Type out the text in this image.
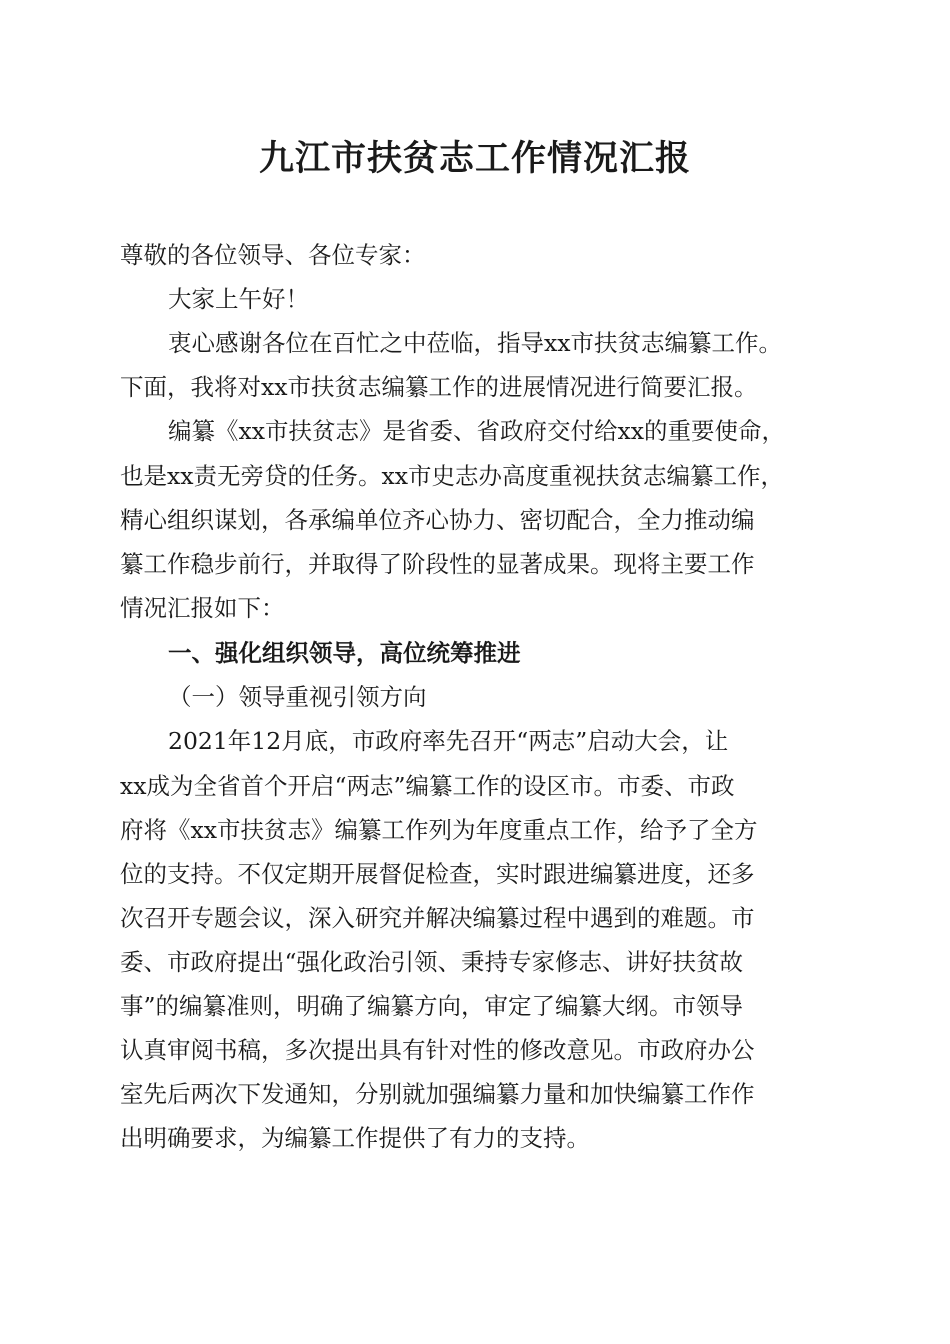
九江市扶贫志工作情况汇报

尊敬的各位领导、各位专家：

大家上午好！

衷心感谢各位在百忙之中莅临，指导xx市扶贫志编纂工作。

下面，我将对xx市扶贫志编纂工作的进展情况进行简要汇报。

编纂《xx市扶贫志》是省委、省政府交付给xx的重要使命，

也是xx责无旁贷的任务。xx市史志办高度重视扶贫志编纂工作，

精心组织谋划，各承编单位齐心协力、密切配合，全力推动编

纂工作稳步前行，并取得了阶段性的显著成果。现将主要工作

情况汇报如下：

一、强化组织领导，高位统筹推进

（一）领导重视引领方向

2021年12月底，市政府率先召开“两志”启动大会，让

xx成为全省首个开启“两志”编纂工作的设区市。市委、市政

府将《xx市扶贫志》编纂工作列为年度重点工作，给予了全方

位的支持。不仅定期开展督促检查，实时跟进编纂进度，还多

次召开专题会议，深入研究并解决编纂过程中遇到的难题。市

委、市政府提出“强化政治引领、秉持专家修志、讲好扶贫故

事”的编纂准则，明确了编纂方向，审定了编纂大纲。市领导

认真审阅书稿，多次提出具有针对性的修改意见。市政府办公

室先后两次下发通知，分别就加强编纂力量和加快编纂工作作

出明确要求，为编纂工作提供了有力的支持。
